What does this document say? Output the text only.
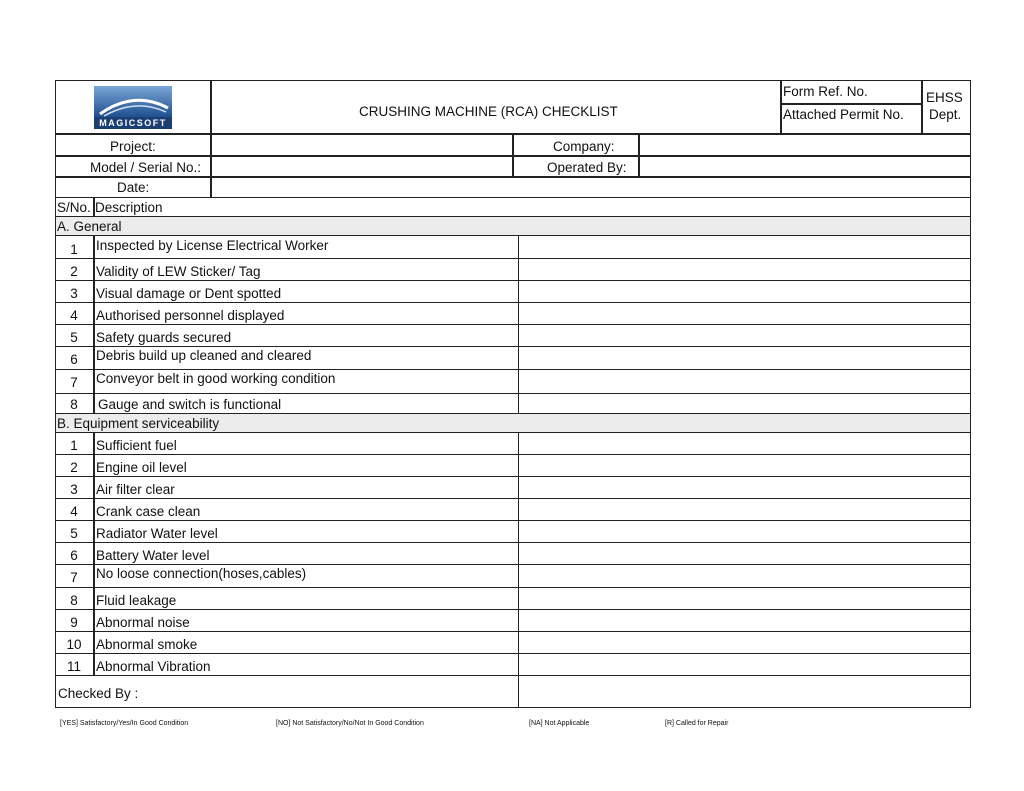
MAGICSOFT
CRUSHING MACHINE (RCA) CHECKLIST
Form Ref. No.
Attached Permit No.
EHSS
Dept.
Project:	Company:
Model / Serial No.:	Operated By:
Date:
S/No. Description
A. General
1	Inspected by License Electrical Worker
2	Validity of LEW Sticker/ Tag
3	Visual damage or Dent spotted
4	Authorised personnel displayed
5	Safety guards secured
6	Debris build up cleaned and cleared
7	Conveyor belt in good working condition
8	Gauge and switch is functional
B. Equipment serviceability
1	Sufficient fuel
2	Engine oil level
3	Air filter clear
4	Crank case clean
5	Radiator Water level
6	Battery Water level
7	No loose connection(hoses,cables)
8	Fluid leakage
9	Abnormal noise
10	Abnormal smoke
11	Abnormal Vibration
Checked By :
[YES] Satisfactory/Yes/In Good Condition	[NO] Not Satisfactory/No/Not In Good Condition	[NA] Not Applicable	[R] Called for Repair
